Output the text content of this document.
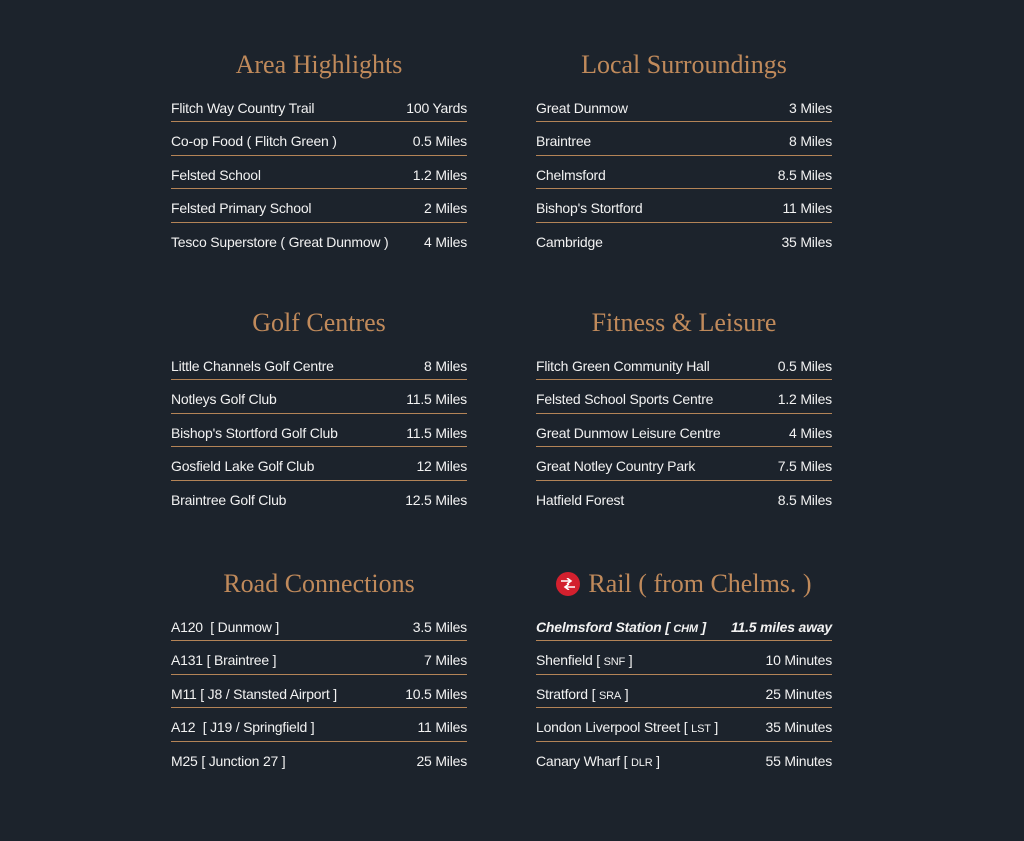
Area Highlights
Flitch Way Country Trail	100 Yards
Co-op Food ( Flitch Green )	0.5 Miles
Felsted School	1.2 Miles
Felsted Primary School	2 Miles
Tesco Superstore ( Great Dunmow )	4 Miles
Local Surroundings
Great Dunmow	3 Miles
Braintree	8 Miles
Chelmsford	8.5 Miles
Bishop's Stortford	11 Miles
Cambridge	35 Miles
Golf Centres
Little Channels Golf Centre	8 Miles
Notleys Golf Club	11.5 Miles
Bishop's Stortford Golf Club	11.5 Miles
Gosfield Lake Golf Club	12 Miles
Braintree Golf Club	12.5 Miles
Fitness & Leisure
Flitch Green Community Hall	0.5 Miles
Felsted School Sports Centre	1.2 Miles
Great Dunmow Leisure Centre	4 Miles
Great Notley Country Park	7.5 Miles
Hatfield Forest	8.5 Miles
Road Connections
A120  [ Dunmow ]	3.5 Miles
A131 [ Braintree ]	7 Miles
M11 [ J8 / Stansted Airport ]	10.5 Miles
A12  [ J19 / Springfield ]	11 Miles
M25 [ Junction 27 ]	25 Miles
Rail ( from Chelms. )
Chelmsford Station [ CHM ] 11.5 miles away
Shenfield [ SNF ]	10 Minutes
Stratford [ SRA ]	25 Minutes
London Liverpool Street [ LST ]	35 Minutes
Canary Wharf [ DLR ]	55 Minutes
